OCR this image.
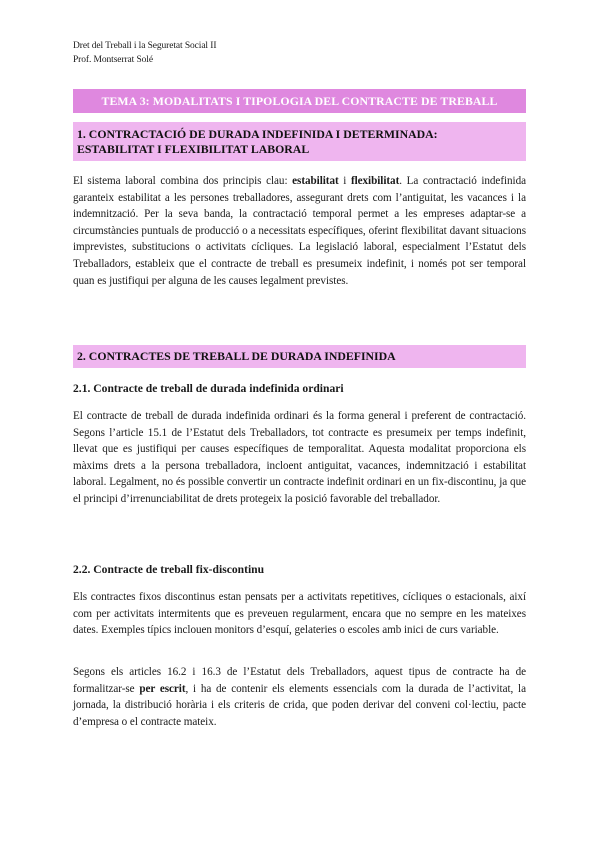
Dret del Treball i la Seguretat Social II
Prof. Montserrat Solé
TEMA 3: MODALITATS I TIPOLOGIA DEL CONTRACTE DE TREBALL
1. CONTRACTACIÓ DE DURADA INDEFINIDA I DETERMINADA:
ESTABILITAT I FLEXIBILITAT LABORAL

El sistema laboral combina dos principis clau: estabilitat i flexibilitat. La contractació indefinida garanteix estabilitat a les persones treballadores, assegurant drets com l’antiguitat, les vacances i la indemnització. Per la seva banda, la contractació temporal permet a les empreses adaptar-se a circumstàncies puntuals de producció o a necessitats específiques, oferint flexibilitat davant situacions imprevistes, substitucions o activitats cícliques. La legislació laboral, especialment l’Estatut dels Treballadors, estableix que el contracte de treball es presumeix indefinit, i només pot ser temporal quan es justifiqui per alguna de les causes legalment previstes.

2. CONTRACTES DE TREBALL DE DURADA INDEFINIDA
2.1. Contracte de treball de durada indefinida ordinari

El contracte de treball de durada indefinida ordinari és la forma general i preferent de contractació. Segons l’article 15.1 de l’Estatut dels Treballadors, tot contracte es presumeix per temps indefinit, llevat que es justifiqui per causes específiques de temporalitat. Aquesta modalitat proporciona els màxims drets a la persona treballadora, incloent antiguitat, vacances, indemnització i estabilitat laboral. Legalment, no és possible convertir un contracte indefinit ordinari en un fix-discontinu, ja que el principi d’irrenunciabilitat de drets protegeix la posició favorable del treballador.

2.2. Contracte de treball fix-discontinu

Els contractes fixos discontinus estan pensats per a activitats repetitives, cícliques o estacionals, així com per activitats intermitents que es preveuen regularment, encara que no sempre en les mateixes dates. Exemples típics inclouen monitors d’esquí, gelateries o escoles amb inici de curs variable.

Segons els articles 16.2 i 16.3 de l’Estatut dels Treballadors, aquest tipus de contracte ha de formalitzar-se per escrit, i ha de contenir els elements essencials com la durada de l’activitat, la jornada, la distribució horària i els criteris de crida, que poden derivar del conveni col·lectiu, pacte d’empresa o el contracte mateix.
